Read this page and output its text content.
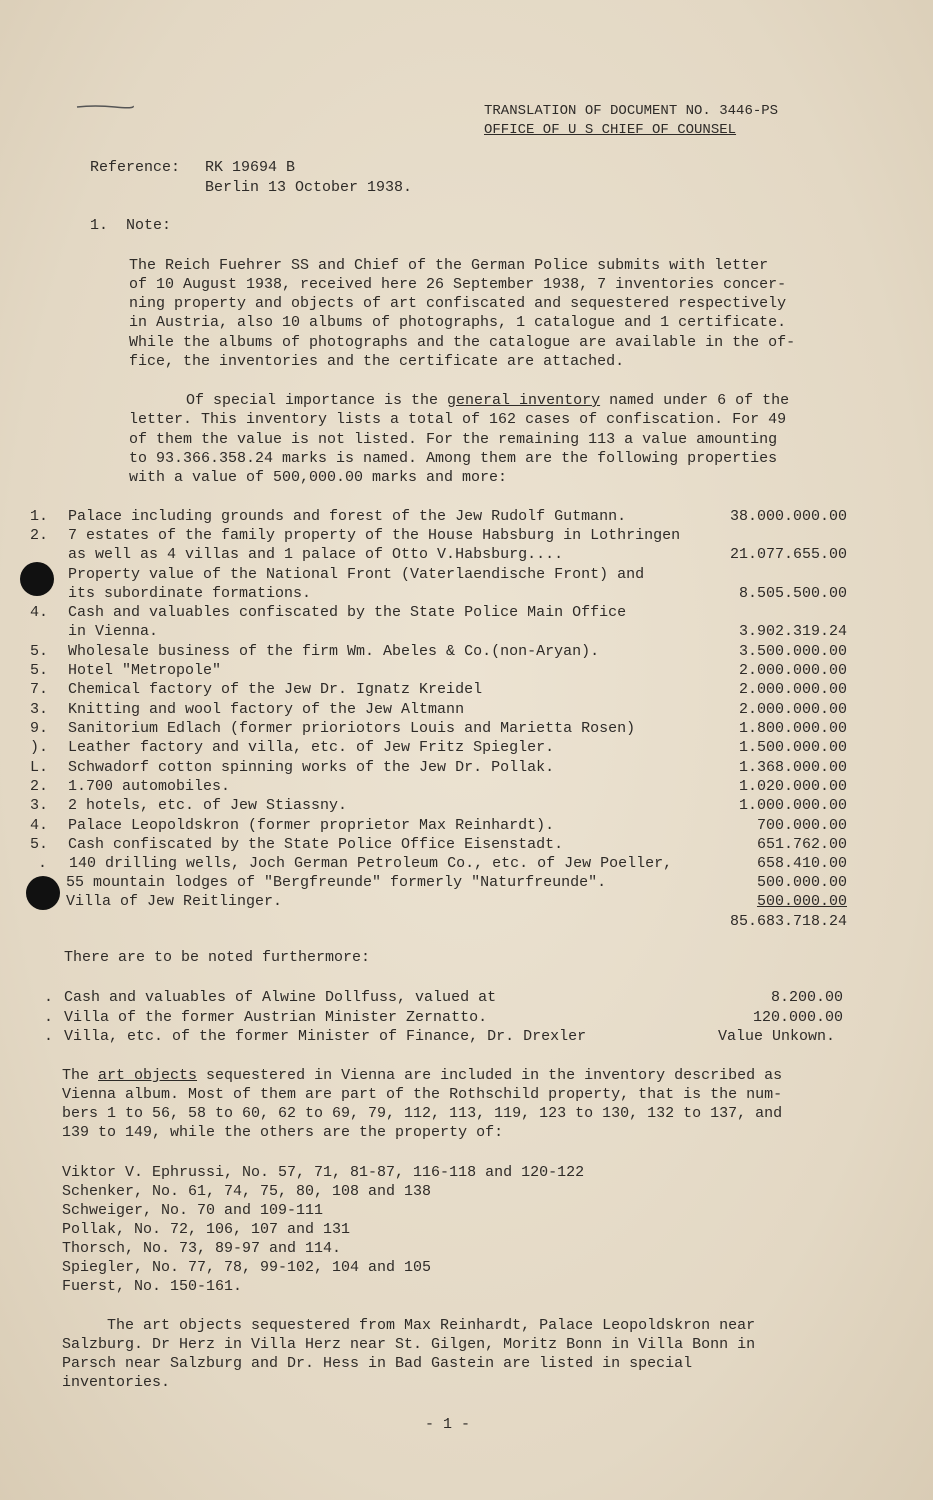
TRANSLATION OF DOCUMENT NO. 3446-PS
OFFICE OF U S CHIEF OF COUNSEL
Reference: RK 19694 B
Berlin 13 October 1938.
1.  Note:
The Reich Fuehrer SS and Chief of the German Police submits with letter
of 10 August 1938, received here 26 September 1938, 7 inventories concer-
ning property and objects of art confiscated and sequestered respectively
in Austria, also 10 albums of photographs, 1 catalogue and 1 certificate.
While the albums of photographs and the catalogue are available in the of-
fice, the inventories and the certificate are attached.
Of special importance is the general inventory named under 6 of the
letter. This inventory lists a total of 162 cases of confiscation. For 49
of them the value is not listed. For the remaining 113 a value amounting
to 93.366.358.24 marks is named. Among them are the following properties
with a value of 500,000.00 marks and more:
1. Palace including grounds and forest of the Jew Rudolf Gutmann.	38.000.000.00
2. 7 estates of the family property of the House Habsburg in Lothringen
as well as 4 villas and 1 palace of Otto V.Habsburg....	21.077.655.00
Property value of the National Front (Vaterlaendische Front) and
its subordinate formations.	8.505.500.00
4. Cash and valuables confiscated by the State Police Main Office
in Vienna.	3.902.319.24
5. Wholesale business of the firm Wm. Abeles & Co.(non-Aryan).	3.500.000.00
5. Hotel "Metropole"	2.000.000.00
7. Chemical factory of the Jew Dr. Ignatz Kreidel	2.000.000.00
3. Knitting and wool factory of the Jew Altmann	2.000.000.00
9. Sanitorium Edlach (former prioriotors Louis and Marietta Rosen)	1.800.000.00
). Leather factory and villa, etc. of Jew Fritz Spiegler.	1.500.000.00
L. Schwadorf cotton spinning works of the Jew Dr. Pollak.	1.368.000.00
2. 1.700 automobiles.	1.020.000.00
3. 2 hotels, etc. of Jew Stiassny.	1.000.000.00
4. Palace Leopoldskron (former proprietor Max Reinhardt).	700.000.00
5. Cash confiscated by the State Police Office Eisenstadt.	651.762.00
. 140 drilling wells, Joch German Petroleum Co., etc. of Jew Poeller,	658.410.00
55 mountain lodges of "Bergfreunde" formerly "Naturfreunde".	500.000.00
Villa of Jew Reitlinger.	500.000.00
85.683.718.24
There are to be noted furthermore:
. Cash and valuables of Alwine Dollfuss, valued at	8.200.00
. Villa of the former Austrian Minister Zernatto.	120.000.00
. Villa, etc. of the former Minister of Finance, Dr. Drexler	Value Unkown.
The art objects sequestered in Vienna are included in the inventory described as
Vienna album. Most of them are part of the Rothschild property, that is the num-
bers 1 to 56, 58 to 60, 62 to 69, 79, 112, 113, 119, 123 to 130, 132 to 137, and
139 to 149, while the others are the property of:
Viktor V. Ephrussi, No. 57, 71, 81-87, 116-118 and 120-122
Schenker, No. 61, 74, 75, 80, 108 and 138
Schweiger, No. 70 and 109-111
Pollak, No. 72, 106, 107 and 131
Thorsch, No. 73, 89-97 and 114.
Spiegler, No. 77, 78, 99-102, 104 and 105
Fuerst, No. 150-161.
The art objects sequestered from Max Reinhardt, Palace Leopoldskron near
Salzburg. Dr Herz in Villa Herz near St. Gilgen, Moritz Bonn in Villa Bonn in
Parsch near Salzburg and Dr. Hess in Bad Gastein are listed in special
inventories.
- 1 -
